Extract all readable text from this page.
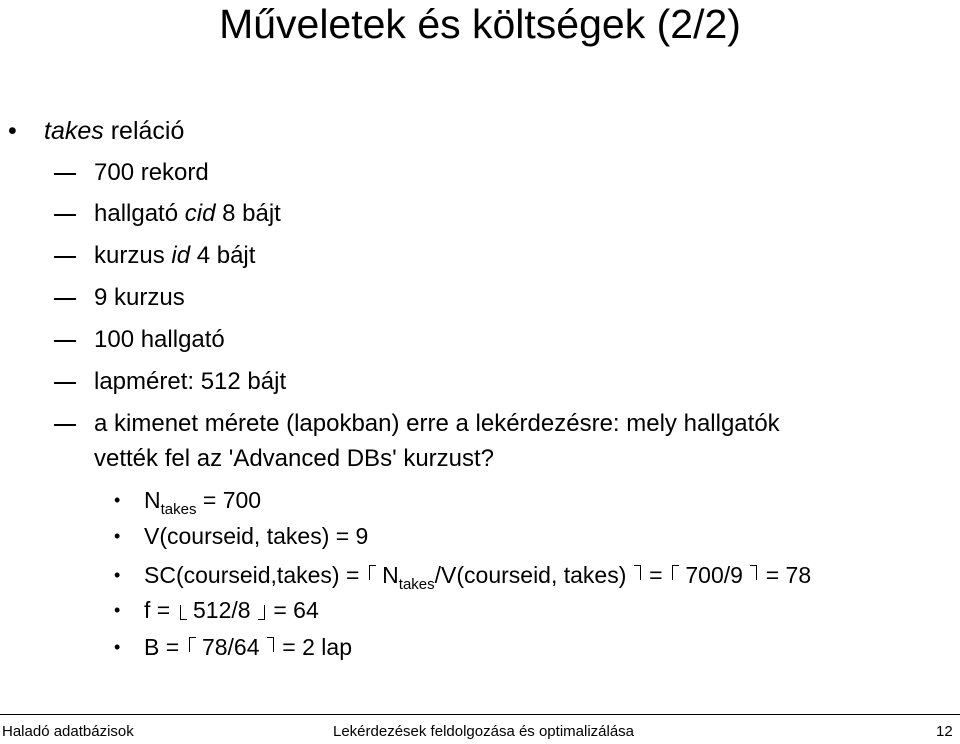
Műveletek és költségek (2/2)
• takes reláció
700 rekord
hallgató cid 8 bájt
kurzus id 4 bájt
9 kurzus
100 hallgató
lapméret: 512 bájt
a kimenet mérete (lapokban) erre a lekérdezésre: mely hallgatók
vették fel az 'Advanced DBs' kurzust?
• $N_{takes} = 700$
• V(courseid, takes) = 9
• SC(courseid,takes) =  $N_{takes}/V(courseid$, takes)  =  700/9  = 78
• f =  512/8  = 64
• B =  78/64  = 2 lap
Haladó adatbázisok	Lekérdezések feldolgozása és optimalizálása	12
